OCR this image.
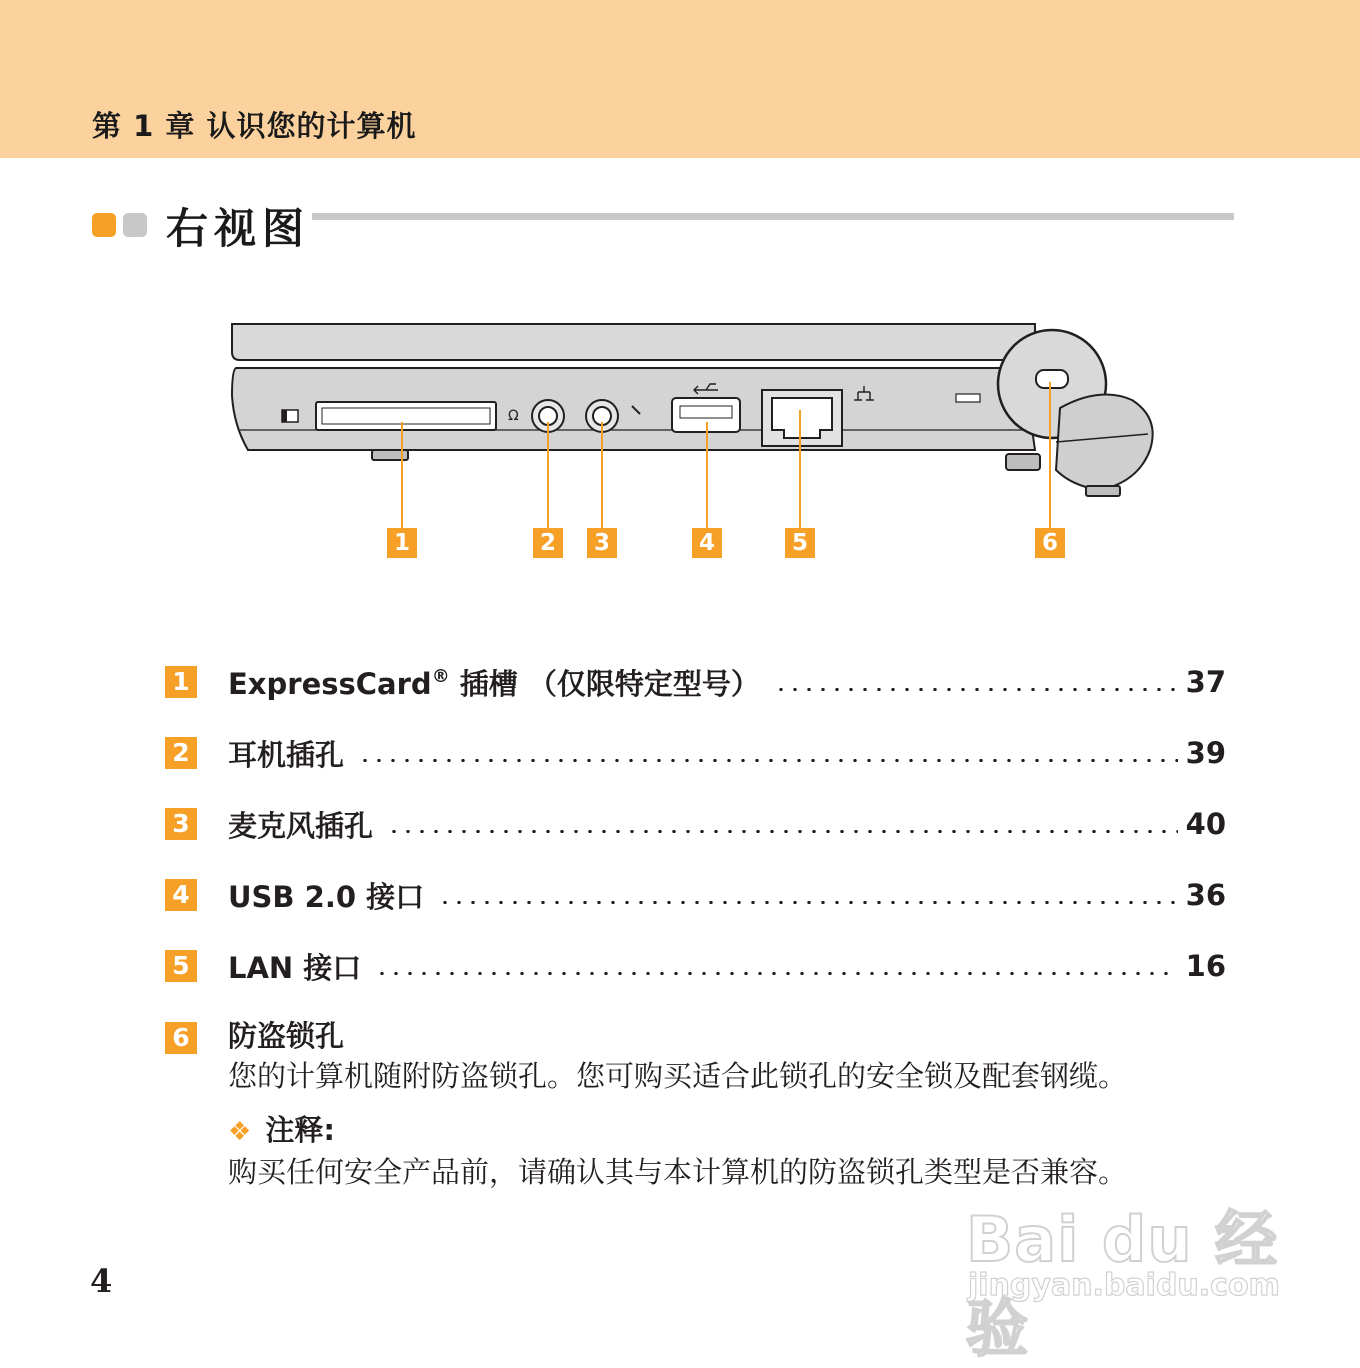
第 1 章 认识您的计算机
右视图
Ω
1	2	3	4	5	6
1 ExpressCard® 插槽 （仅限特定型号）	37
2 耳机插孔	39
3 麦克风插孔	40
4 USB 2.0 接口	36
5 LAN 接口	16
6 防盗锁孔
您的计算机随附防盗锁孔。您可购买适合此锁孔的安全锁及配套钢缆。
❖ 注释:
购买任何安全产品前，请确认其与本计算机的防盗锁孔类型是否兼容。
4
Bai du 经验
jingyan.baidu.com
